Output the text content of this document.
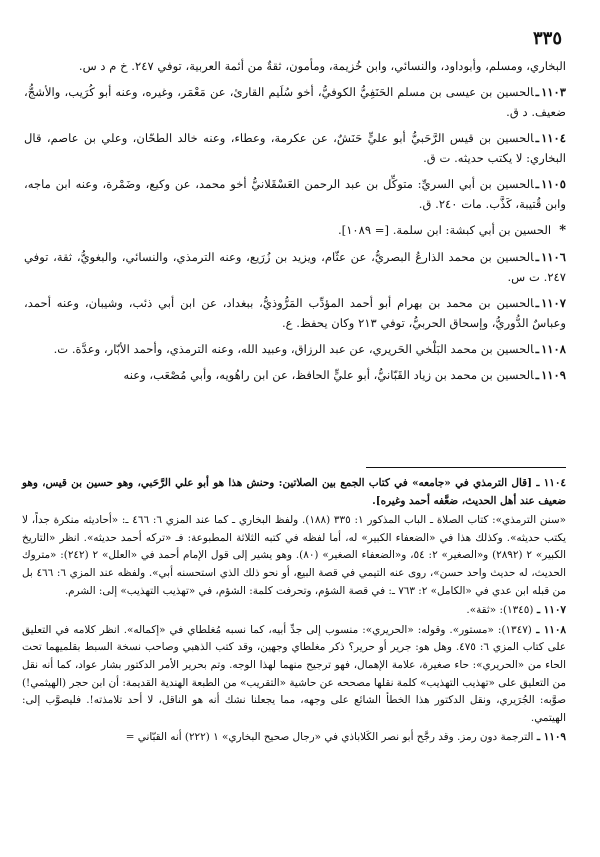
٣٣٥

البخاري، ومسلم، وأبوداود، والنسائي، وابن خُزيمة، ومأمون، ثقةٌ من أئمة العربية، توفي ٢٤٧. خ م د س.

١١٠٣ـالحسين بن عيسى بن مسلم الحَنَفِيُّ الكوفيُّ، أخو سُلَيم القارئ، عن مَعْمَر، وغيره، وعنه أبو كُرَيب، والأشجُّ، ضعيف. د ق.

١١٠٤ـالحسين بن قيس الرَّحَبيُّ أبو عليٍّ حَنَشٌ، عن عكرمة، وعطاء، وعنه خالد الطحّان، وعلي بن عاصم، قال البخاري: لا يكتب حديثه. ت ق.

١١٠٥ـالحسين بن أبي السريِّ: متوكِّل بن عبد الرحمن العَسْقَلانيُّ أخو محمد، عن وكيع، وضَمْرة، وعنه ابن ماجه، وابن قُتيبة، كَذَّب. مات ٢٤٠. ق.

* الحسين بن أبي كبشة: ابن سلمة. [= ١٠٨٩].

١١٠٦ـالحسين بن محمد الذارعُ البصريُّ، عن عثّام، ويزيد بن زُرَيع، وعنه الترمذي، والنسائي، والبغويُّ، ثقة، توفي ٢٤٧. ت س.

١١٠٧ـالحسين بن محمد بن بهرام أبو أحمد المؤدِّب المَرُّوذيُّ، ببغداد، عن ابن أبي ذئب، وشيبان، وعنه أحمد، وعباسٌ الدُّوريُّ، وإسحاق الحربيُّ، توفي ٢١٣ وكان يحفظ. ع.

١١٠٨ـالحسين بن محمد البَلْخي الحَريري، عن عبد الرزاق، وعبيد الله، وعنه الترمذي، وأحمد الأبّار، وعدَّة. ت.

١١٠٩ـالحسين بن محمد بن زياد القَبّانيُّ، أبو عليٍّ الحافظ، عن ابن راهُويه، وأبي مُصْعَب، وعنه

١١٠٤ ـ [قال الترمذي في «جامعه» في كتاب الجمع بين الصلاتين: وحنش هذا هو أبو علي الرَّحَبي، وهو حسين بن قيس، وهو ضعيف عند أهل الحديث، ضعَّفه أحمد وغيره].

«سنن الترمذي»: كتاب الصلاة ـ الباب المذكور ١: ٣٣٥ (١٨٨). ولفظ البخاري ـ كما عند المزي ٦: ٤٦٦ ـ: «أحاديثه منكرة جداً، لا يكتب حديثه». وكذلك هذا في «الضعفاء الكبير» له، أما لفظه في كتبه الثلاثة المطبوعة: فـ «تركه أحمد حديثه». انظر «التاريخ الكبير» ٢ (٢٨٩٢) و«الصغير» ٢: ٥٤، و«الضعفاء الصغير» (٨٠). وهو يشير إلى قول الإمام أحمد في «العلل» ٢ (٢٤٢): «متروك الحديث، له حديث واحد حسن»، روى عنه التيمي في قصة البيع، أو نحو ذلك الذي استحسنه أبي». ولفظه عند المزي ٦: ٤٦٦ بل من قبله ابن عدي في «الكامل» ٢: ٧٦٣ ـ: في قصة الشؤم، وتحرفت كلمة: الشؤم، في «تهذيب التهذيب» إلى: الشرم.

١١٠٧ ـ (١٣٤٥): «ثقة».

١١٠٨ ـ (١٣٤٧): «مستور». وقوله: «الحريري»: منسوب إلى جدِّ أبيه، كما نسبه مُغلطاي في «إكماله». انظر كلامه في التعليق على كتاب المزي ٦: ٤٧٥. وهل هو: جرير أو حرير؟ ذكر مغلطاي وجهين، وقد كتب الذهبي وصاحب نسخة السبط بقلميهما تحت الحاء من «الحريري»: حاء صغيرة، علامة الإهمال، فهو ترجيح منهما لهذا الوجه. وتم بحرير الأمر الدكتور بشار عواد، كما أنه نقل من التعليق على «تهذيب التهذيب» كلمة نقلها مصححه عن حاشية «التقريب» من الطبعة الهندية القديمة: أن ابن حجر (الهيثمي!) صوَّبه: الجُرَيري، ونقل الدكتور هذا الخطأ الشائع على وجهه، مما يجعلنا نشك أنه هو الناقل، لا أحد تلامذته!. فليصوَّب إلى: الهيتمي.

١١٠٩ ـ الترجمة دون رمز. وقد رجَّح أبو نصر الكَلاباذي في «رجال صحيح البخاري» ١ (٢٢٢) أنه القبّاني =
